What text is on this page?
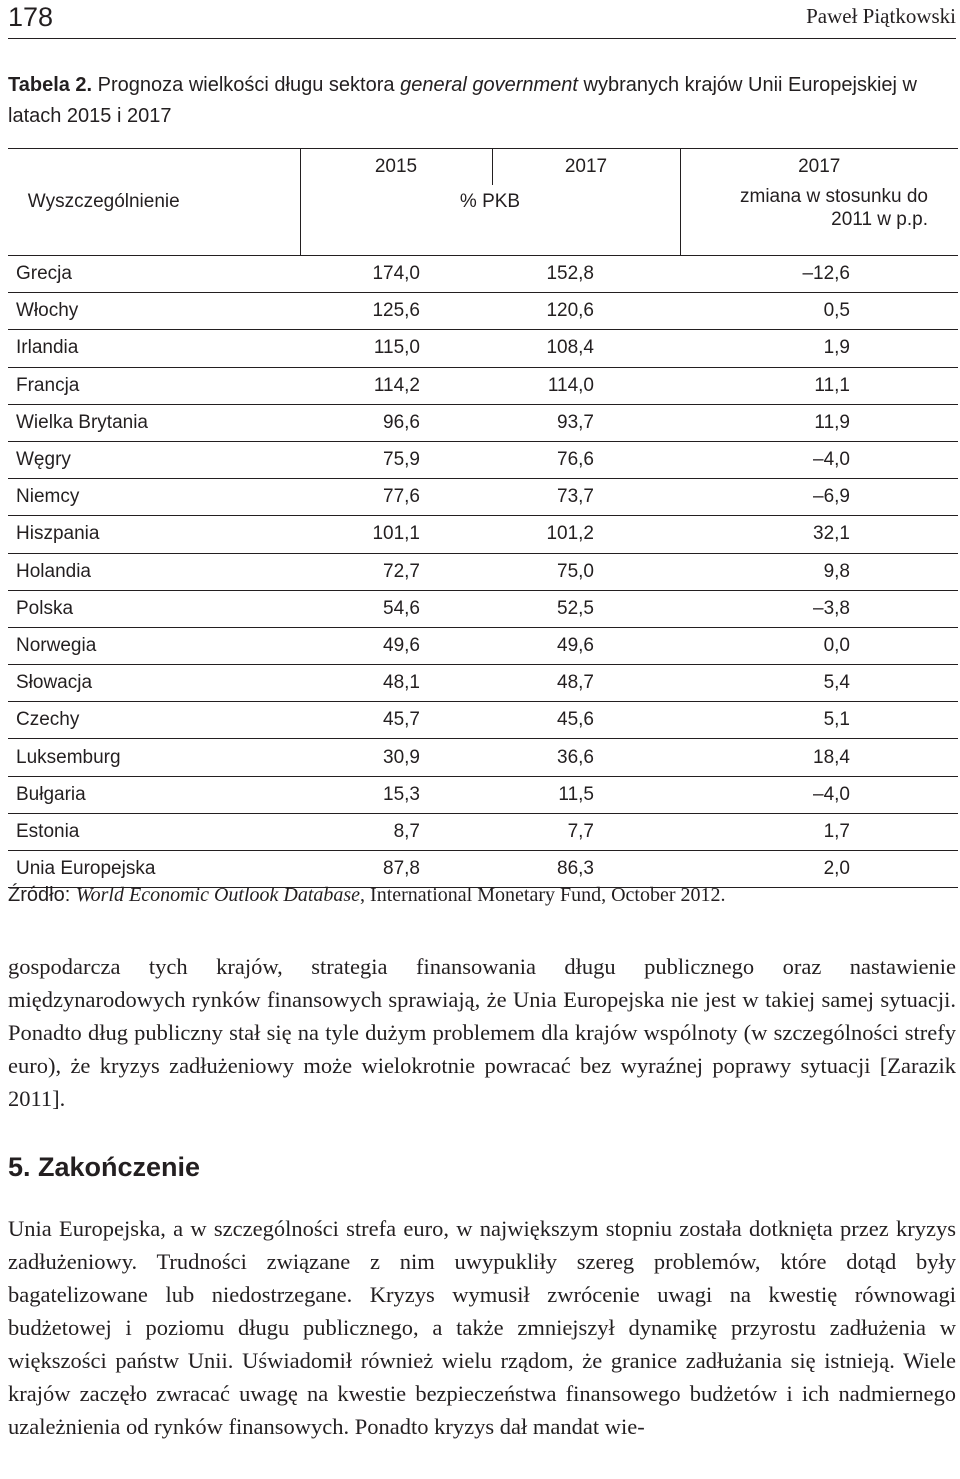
178	Paweł Piątkowski
Tabela 2. Prognoza wielkości długu sektora general government wybranych krajów Unii Europejskiej w latach 2015 i 2017
Wyszczególnienie	2015	2017	2017
	% PKB		zmiana w stosunku do 2011 w p.p.
Grecja	174,0	152,8	–12,6
Włochy	125,6	120,6	0,5
Irlandia	115,0	108,4	1,9
Francja	114,2	114,0	11,1
Wielka Brytania	96,6	93,7	11,9
Węgry	75,9	76,6	–4,0
Niemcy	77,6	73,7	–6,9
Hiszpania	101,1	101,2	32,1
Holandia	72,7	75,0	9,8
Polska	54,6	52,5	–3,8
Norwegia	49,6	49,6	0,0
Słowacja	48,1	48,7	5,4
Czechy	45,7	45,6	5,1
Luksemburg	30,9	36,6	18,4
Bułgaria	15,3	11,5	–4,0
Estonia	8,7	7,7	1,7
Unia Europejska	87,8	86,3	2,0
Źródło: World Economic Outlook Database, International Monetary Fund, October 2012.
gospodarcza tych krajów, strategia finansowania długu publicznego oraz nastawienie międzynarodowych rynków finansowych sprawiają, że Unia Europejska nie jest w takiej samej sytuacji. Ponadto dług publiczny stał się na tyle dużym problemem dla krajów wspólnoty (w szczególności strefy euro), że kryzys zadłużeniowy może wielokrotnie powracać bez wyraźnej poprawy sytuacji [Zarazik 2011].
5. Zakończenie
Unia Europejska, a w szczególności strefa euro, w największym stopniu została dotknięta przez kryzys zadłużeniowy. Trudności związane z nim uwypukliły szereg problemów, które dotąd były bagatelizowane lub niedostrzegane. Kryzys wymusił zwrócenie uwagi na kwestię równowagi budżetowej i poziomu długu publicznego, a także zmniejszył dynamikę przyrostu zadłużenia w większości państw Unii. Uświadomił również wielu rządom, że granice zadłużania się istnieją. Wiele krajów zaczęło zwracać uwagę na kwestie bezpieczeństwa finansowego budżetów i ich nadmiernego uzależnienia od rynków finansowych. Ponadto kryzys dał mandat wie-
